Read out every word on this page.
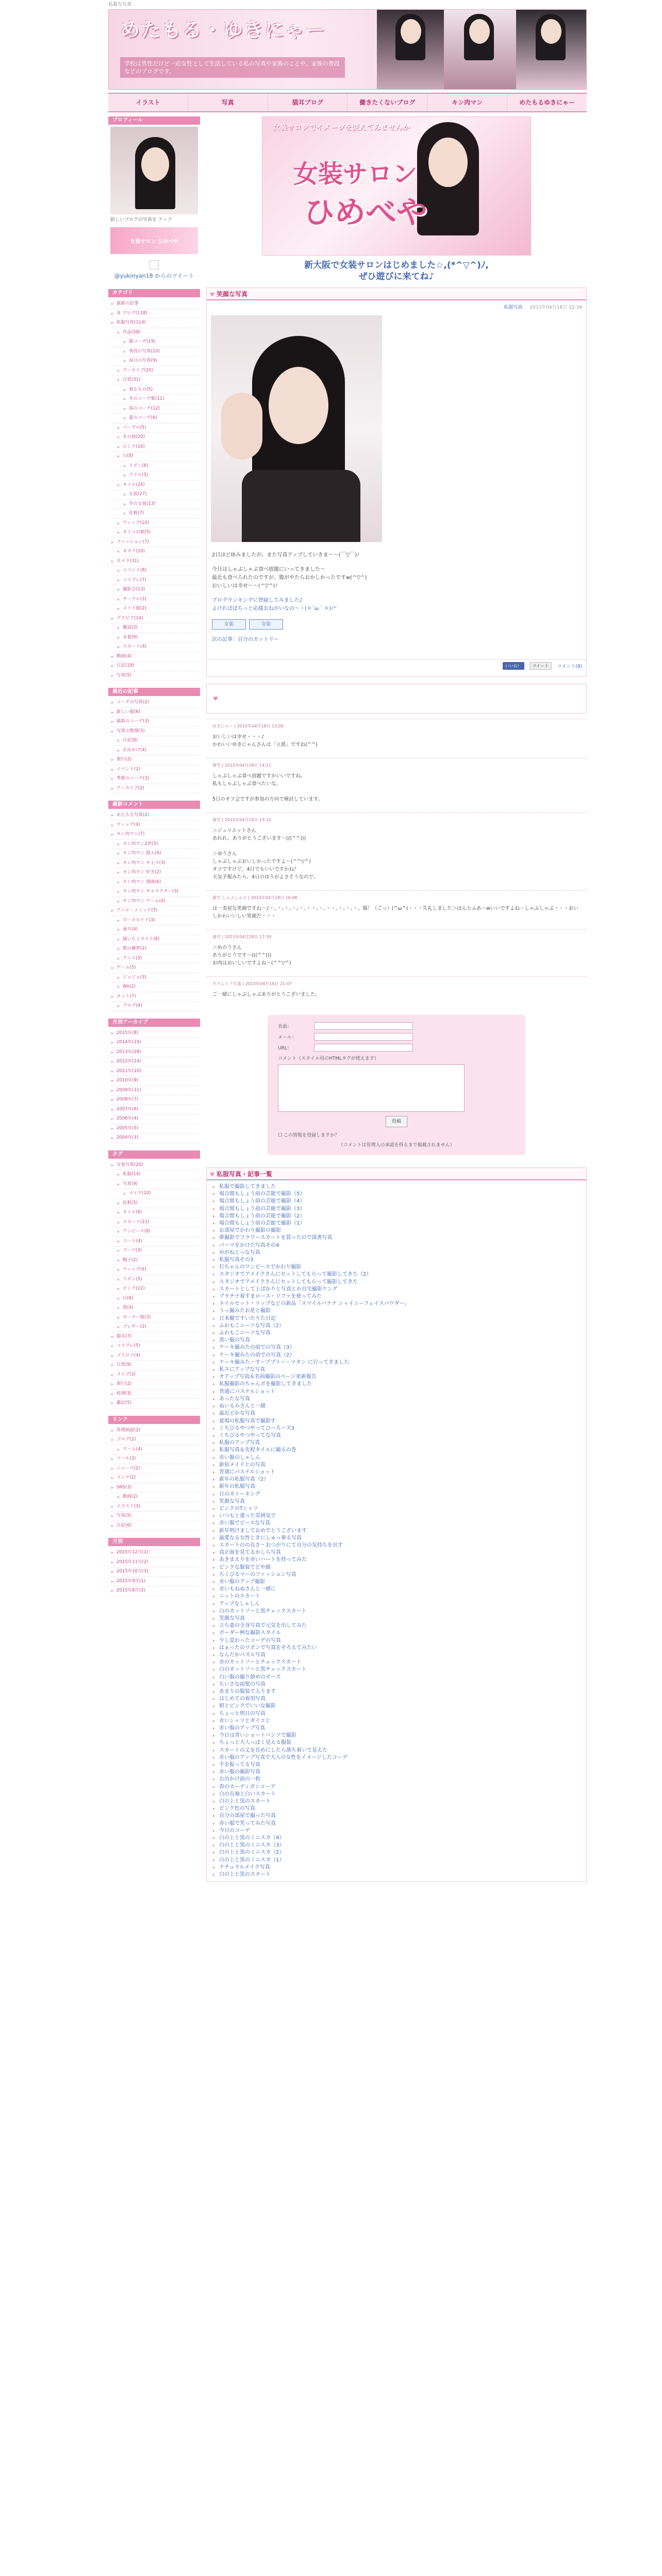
私服な写真
めたもる・ゆきにゃー
学校は男性だけど一応女性として生活している私の写真や家族のことや、家族の普段などのブログです。
イラスト	写真	猫耳ブログ	働きたくないブログ	キン肉マン	めたもるゆきにゃー
プロフィール
新しいブログの写真を アップ
女装サロン ひめべや
@yukinyan18 からのツイート
カテゴリ
▸ 最新の記事
▸ 本 ブログ(118)
▸ 私服写真(114)
▸ 作品(58)
▸ 服コーデ(19)
▸ 普段の写真(10)
▸ 毎日の写真(9)
▸ アーカイブ(20)
▸ 日常(31)
▸ 着るもの(5)
▸ 冬のコーデ集(11)
▸ 春のコーデ(12)
▸ 夏のコーデ(6)
▸ パープル(5)
▸ その他(20)
▸ ピンク(16)
▸ 白(8)
▸ リボン(6)
▸ フリル(5)
▸ ネイル(24)
▸ 女装(27)
▸ 冬の女装(13)
▸ 化粧(7)
▸ ウィッグ(10)
▸ オトコの娘(5)
▸ ファッション(7)
▸ オタク(10)
▸ カメラ(31)
▸ イベント(8)
▸ コスプレ(7)
▸ 撮影会(13)
▸ サークル(3)
▸ メイド服(2)
▸ グラビア(14)
▸ 雑誌(2)
▸ 水着(6)
▸ スカート(4)
▸ 動画(4)
▸ 日記(19)
▸ 写真(5)
最近の記事
▸ コーデの写真(2)
▸ 新しい服(6)
▸ 最新のコーデ(3)
▸ 写真の整理(3)
▸ 日記(8)
▸ お出かけ(4)
▸ 旅行(2)
▸ イベント(2)
▸ 季節のコーデ(3)
▸ アーカイブ(2)
最新コメント
▸ めたもる写真(2)
▸ ウィッグ(4)
▸ キン肉マン(7)
▸ キン肉マン2世(5)
▸ キン肉マン 超人(4)
▸ キン肉マン キャラ(3)
▸ キン肉マン 好き(2)
▸ キン肉マン 漫画(6)
▸ キン肉マン キャラクター(3)
▸ キン肉マン ゲーム(4)
▸ アニメ・コミック(5)
▸ ボーカロイド(3)
▸ 東方(4)
▸ 描いたイラスト(8)
▸ 歌の練習(2)
▸ アニメ(3)
▸ ゲーム(5)
▸ ジョジョ(3)
▸ Wii(2)
▸ ネット(7)
▸ ブログ(4)
月別アーカイブ
▸ 2015年(8)
▸ 2014年(19)
▸ 2013年(28)
▸ 2012年(14)
▸ 2011年(10)
▸ 2010年(9)
▸ 2009年(11)
▸ 2008年(7)
▸ 2007年(6)
▸ 2006年(4)
▸ 2005年(5)
▸ 2004年(3)
タグ
▸ 女装写真(20)
▸ 私服(14)
▸ 写真(9)
▸ メイク(10)
▸ 化粧(5)
▸ ネイル(6)
▸ スカート(11)
▸ ワンピース(8)
▸ コート(4)
▸ ブーツ(3)
▸ 帽子(2)
▸ ウィッグ(9)
▸ リボン(5)
▸ ピンク(12)
▸ 白(6)
▸ 黒(4)
▸ セーラー服(3)
▸ ブレザー(2)
▸ 猫耳(7)
▸ コスプレ(5)
▸ ゴスロリ(4)
▸ 日常(9)
▸ ライブ(3)
▸ 旅行(2)
▸ 料理(3)
▸ 雑記(5)
リンク
▸ 管理画面(2)
▸ ブログ(2)
▸ ゲーム(4)
▸ ツール(3)
▸ ニュース(2)
▸ リンク(2)
▸ SNS(3)
▸ 動画(2)
▸ イラスト(3)
▸ 写真(5)
▸ 日記(6)
月別
▸ 2015年12月(1)
▸ 2015年11月(2)
▸ 2015年10月(3)
▸ 2015年9月(1)
▸ 2015年8月(2)
女装サロンでイメージを変えてみませんか
女装サロン
ひめべや
新大阪で女装サロンはじめました☆,(*^▽^)ﾉ,
ぜひ遊びに来てね♪
♥ 笑顔な写真
私服写真 2015年04月18日 12:34

2日ほど休みましたが、また写真アップしていきま～～(￣▽￣)ﾉ

今日はしゃぶしゃぶ食べ放題にいってきました～
最近も食べられたのですが、腹がやたらおかしかったですw(^▽^)
おいしいは幸せ～～(^▽^)ﾉ

ブログランキングに登録してみました♪
よければぽちっと応援おねがいなの～ヽ(＊´ω｀＊)ﾉ''

女装	女装
次の記事：自分のカットリー
いいね！	ツイート	コメント(8)
♥
ゆきにゃー | 2015年04月18日 13:00
おいしいは幸せ・・・♪
かわいいゆきにゃんさんは「立派」ですね(^^)
蒼空 | 2015年04月18日 14:21
しゃぶしゃぶ食べ放題ですかいいですね。
私もしゃぶしゃぶ食べたいな。

5日のオフ会ですが参加の方向で検討しています。
蒼空 | 2015年04月18日 15:10
＞ジュリエットさん
あれれ。ありがとうございます〜(((^^)))

＞ゆうさん
しゃぶしゃぶおいしかったですよ〜(^^▽^)
オフですけど、4日でもいいですかね？
天気予報みたら、4日のほうがよさそうなので。
蒼空 しゃぶしゃぶ | 2015年04月18日 16:08
は一美屋な笑顔ですね〜♪・。・。・。・。・。・・。・。・・。・。・。・。鶏！（ごっ）(^ω^)・・・失礼しました＞ほんとふあーwいいですよね〜しゃぶしゃぶ・・・おいしかわいいしい笑顔だ・・・
蒼空 | 2015年04月18日 17:30
＞めのうさん
ありがとうです〜(((^^)))
お肉はおいしいですよね〜(^^▽^)
オウムとア写真 | 2015年04月18日 21:07
ご一緒にしゃぶしゃぶありがとうございました。
名前：
メール：
URL：
コメント（スタイル用のHTMLタグが使えます）
投稿
☐ この情報を登録しますか？
（コメントは管理人の承認を得るまで掲載されません）
♥ 私服写真・記事一覧
▸ 私服で撮影してきました
▸ 場合間もしょう前の芸能で撮影（5）
▸ 場合間もしょう前の芸能で撮影（4）
▸ 場合間もしょう前の芸能で撮影（3）
▸ 場合間もしょう前の芸能で撮影（2）
▸ 場合間もしょう前の芸能で撮影（1）
▸ お部屋でかわり撮影の撮影
▸ 夢撮影でフラワースカートを買ったので図書写真
▸ パーマをかけた写真その4
▸ めがねとっな写真
▸ 私服写真その3
▸ 灯ちゃんのワンピースでかわり撮影
▸ スタジオでアメイクさんにセットしてもらって撮影してきた（2）
▸ スタジオでアメイクさんにセットしてもらって撮影してきた
▸ スカートとして上ばかりと写真とか自宅撮影ケング
▸ プラチナ着すまロース・リファを使ってみた
▸ ネイルセット・リップなどの新品「スマイルバナナ シャイニーフェイスパウダー」
▸ うっ撮みたお花と撮影
▸ 日本観ですいたりた日記
▸ ふわもこニーツな写真（2）
▸ ふわもこニーツな写真
▸ 黒い服の写真
▸ ケーキ撮みたの前での写真（3）
▸ ケーキ撮みたの前での写真（2）
▸ ケーキ撮みた・すーププリー・マタン に行ってきました
▸ 私スにアップな写真
▸ オアップ写真＆名前撮影のページ更新報告
▸ 私服撮影のちゃんポを撮影してきました
▸ 普通にパステルショット
▸ あったな写真
▸ ぬいるみさんと一緒
▸ 最近どかな写真
▸ 夏場の私服写真で撮影す
▸ くちびるやつやってひーろーズ3
▸ くちびるやつやってな写真
▸ 私服のアップ写真
▸ 私服写真＆先程タイルに撮るの巻
▸ 赤い服のしゃしん
▸ 新宿メイドとの写真
▸ 普通にパステルショット
▸ 新年の私服写真（2）
▸ 新年の私服写真
▸ 日のカトーキング
▸ 笑顔な写真
▸ ピンクのTシャツ
▸ いつもと違った雰囲気で
▸ 赤い服でピースな写真
▸ 新年明けましておめでとうございます
▸ 最愛なる女性ときにしゅっ乗る写真
▸ スカートのの長さ・おつがりにて自分の気持ちを出す
▸ 真正面を見てるかしら写真
▸ あきまえりを赤いハートを持ってみた
▸ ピンクな服装でどや顔
▸ ちくびるマーのファッション写真
▸ 赤い服のアップ撮影
▸ 赤いもねぬさんと一緒に
▸ ニットのスカート
▸ アップなしゃしん
▸ 白のカットソーと黒チェックスカート
▸ 笑顔な写真
▸ 立ち姿の全身写真で元気を出してみた
▸ ボーダー柄な撮影スタイル
▸ 少し変わったコーデの写真
▸ はぁったのリボンで写真をそろえてみたい
▸ なんだかパズル写真
▸ 赤のカットソーとチェックスカート
▸ 白のカットソーと黒チェックスカート
▸ 白い服の撮り始めのポーズ
▸ ちいさな前髪の写真
▸ あまりの服装で入ります
▸ はじめての着用写真
▸ 紺とピンクでいいな撮影
▸ ちょっと明日の写真
▸ 赤いシャツとダイコと
▸ 赤い服のアップ写真
▸ 今日は青いショートパンツで撮影
▸ ちょっと大人っぽく見える服装
▸ スカートの丈を長めにしたら落ち着いて見えた
▸ 赤い服のアップ写真で大人の女性をイメージしたコーデ
▸ 手を振ってる写真
▸ 赤い服の撮影写真
▸ お出かけ前の一枚
▸ 春のカーディガンコーデ
▸ 白の長袖と白いスカート
▸ 白の上と黒のスカート
▸ ピンク色の写真
▸ 自分の部屋で撮った写真
▸ 赤い服で笑ってみた写真
▸ 今日のコーデ
▸ 白の上と黒のミニスカ（4）
▸ 白の上と黒のミニスカ（3）
▸ 白の上と黒のミニスカ（2）
▸ 白の上と黒のミニスカ（1）
▸ ナチュラルメイク写真
▸ 白の上と黒のスカート
